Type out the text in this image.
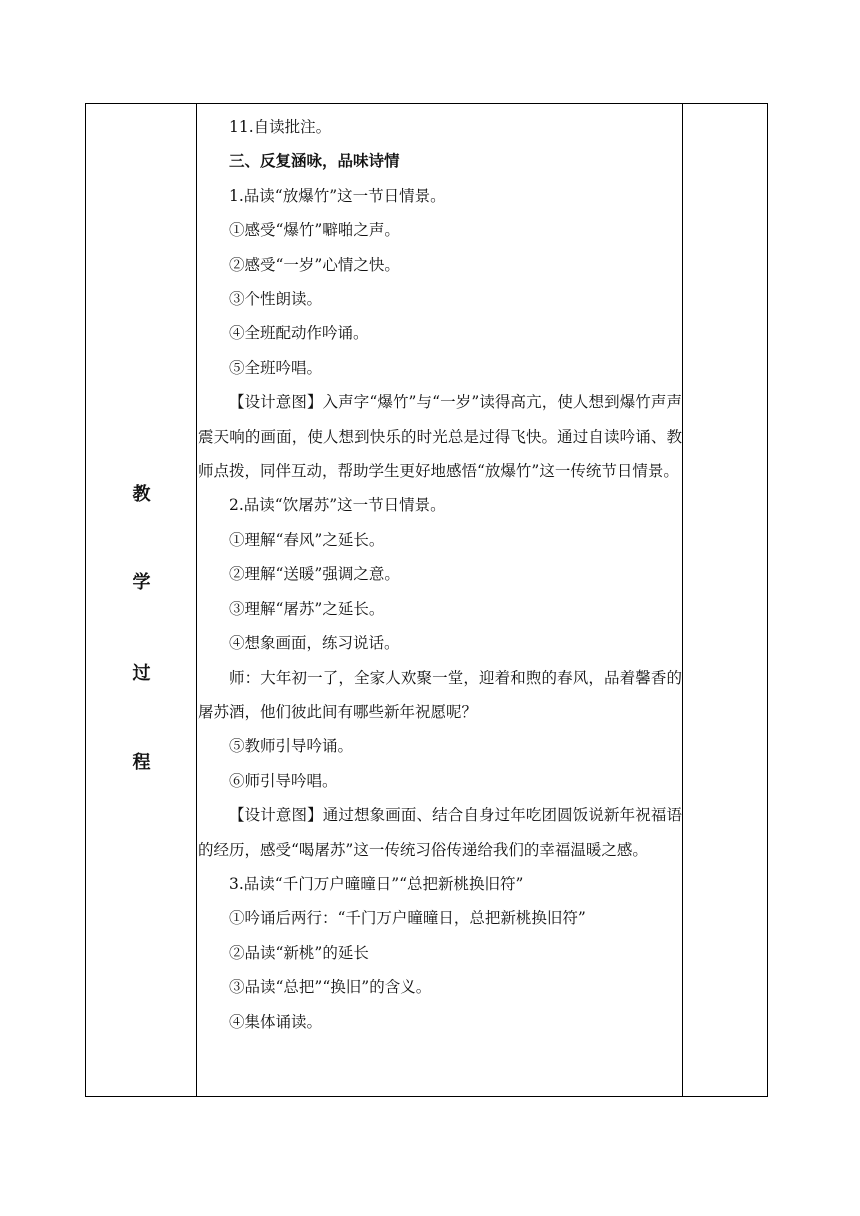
教
学
过
程
11.自读批注。
三、反复涵咏，品味诗情
1.品读“放爆竹”这一节日情景。
①感受“爆竹”噼啪之声。
②感受“一岁”心情之快。
③个性朗读。
④全班配动作吟诵。
⑤全班吟唱。
【设计意图】入声字“爆竹”与“一岁”读得高亢，使人想到爆竹声声震天响的画面，使人想到快乐的时光总是过得飞快。通过自读吟诵、教师点拨，同伴互动，帮助学生更好地感悟“放爆竹”这一传统节日情景。
2.品读“饮屠苏”这一节日情景。
①理解“春风”之延长。
②理解“送暖”强调之意。
③理解“屠苏”之延长。
④想象画面，练习说话。
师：大年初一了，全家人欢聚一堂，迎着和煦的春风，品着馨香的屠苏酒，他们彼此间有哪些新年祝愿呢？
⑤教师引导吟诵。
⑥师引导吟唱。
【设计意图】通过想象画面、结合自身过年吃团圆饭说新年祝福语的经历，感受“喝屠苏”这一传统习俗传递给我们的幸福温暖之感。
3.品读“千门万户曈曈日”“总把新桃换旧符”
①吟诵后两行：“千门万户曈曈日，总把新桃换旧符”
②品读“新桃”的延长
③品读“总把”“换旧”的含义。
④集体诵读。
